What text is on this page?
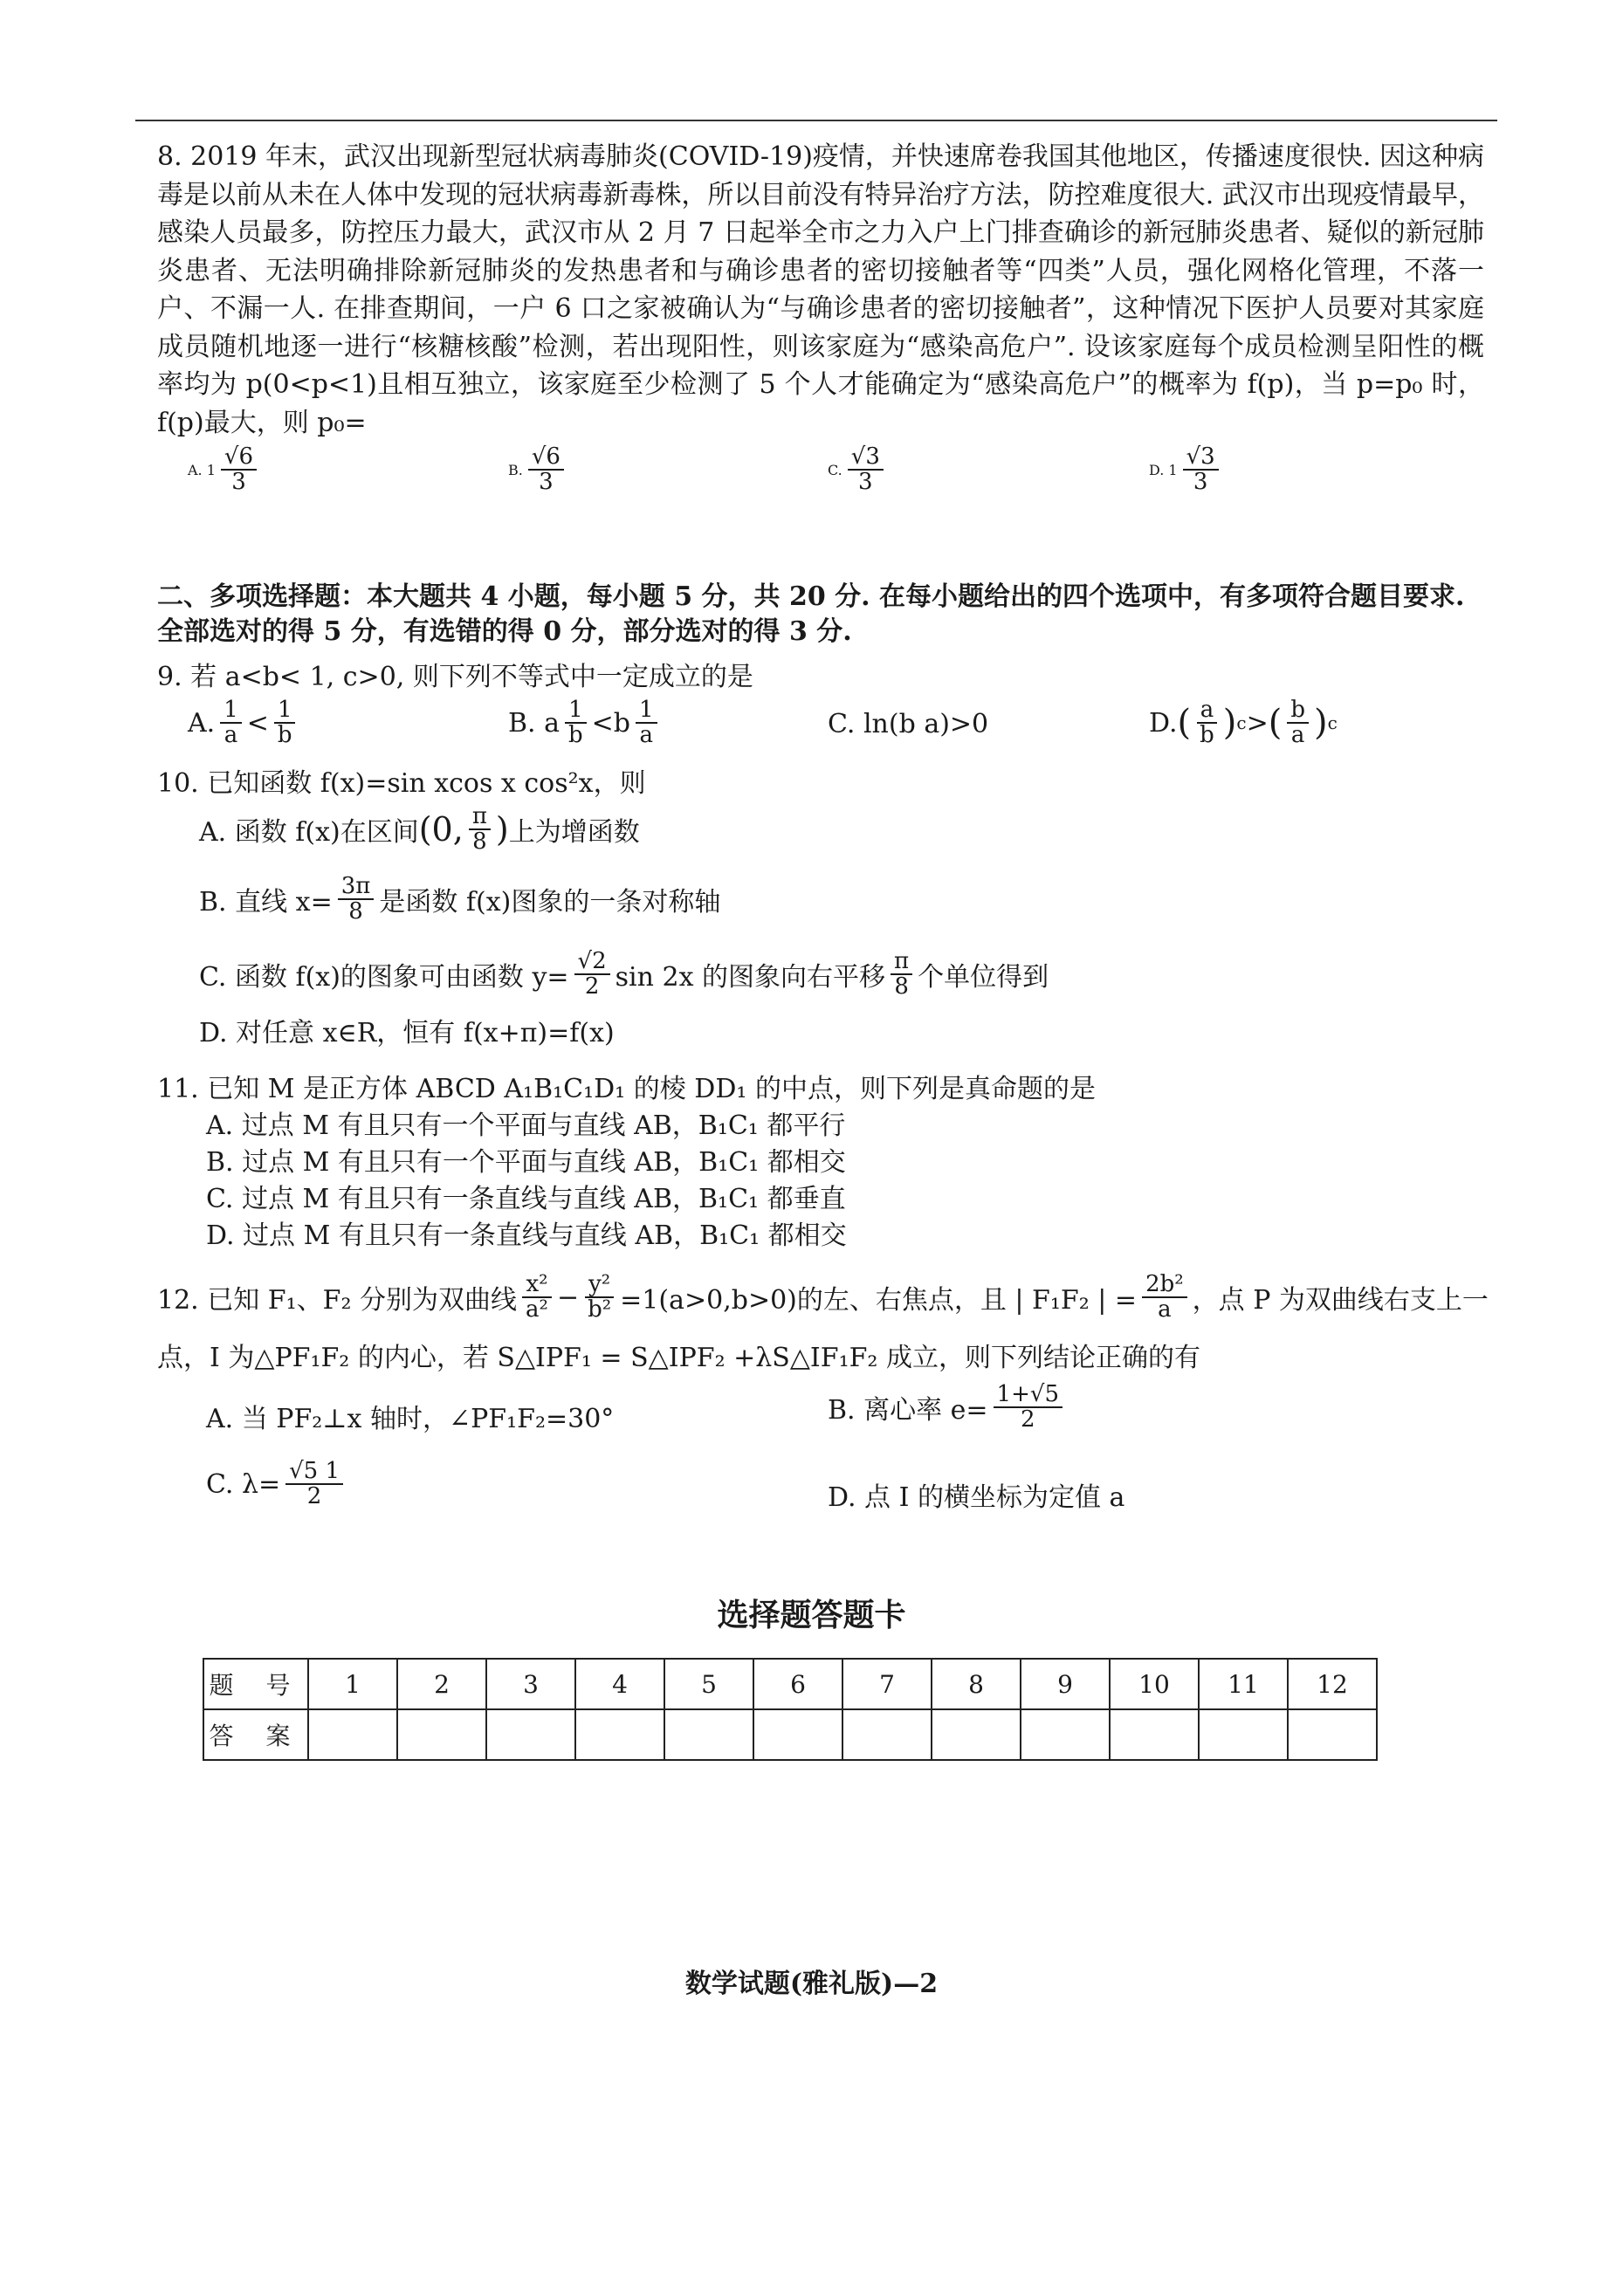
8. 2019 年末，武汉出现新型冠状病毒肺炎(COVID-19)疫情，并快速席卷我国其他地区，传播速度很快. 因这种病毒是以前从未在人体中发现的冠状病毒新毒株，所以目前没有特异治疗方法，防控难度很大. 武汉市出现疫情最早，感染人员最多，防控压力最大，武汉市从 2 月 7 日起举全市之力入户上门排查确诊的新冠肺炎患者、疑似的新冠肺炎患者、无法明确排除新冠肺炎的发热患者和与确诊患者的密切接触者等“四类”人员，强化网格化管理，不落一户、不漏一人. 在排查期间，一户 6 口之家被确认为“与确诊患者的密切接触者”，这种情况下医护人员要对其家庭成员随机地逐一进行“核糖核酸”检测，若出现阳性，则该家庭为“感染高危户”. 设该家庭每个成员检测呈阳性的概率均为 p(0<p<1)且相互独立，该家庭至少检测了 5 个人才能确定为“感染高危户”的概率为 f(p)，当 p=p₀ 时，f(p)最大，则 p₀=
A. $1 \frac{√6}{3}$	B. $\frac{√6}{3}$	C. $\frac{√3}{3}$	D. $1 \frac{√3}{3}$
二、多项选择题：本大题共 4 小题，每小题 5 分，共 20 分. 在每小题给出的四个选项中，有多项符合题目要求. 全部选对的得 5 分，有选错的得 0 分，部分选对的得 3 分.
9. 若 a<b< 1, c>0, 则下列不等式中一定成立的是
A. $\frac{1}{a} < \frac{1}{b}$	B. a $\frac{1}{b} <b \frac{1}{a}$	C. ln(b a)>0	D. ( $\frac{a}{b}$ ) c > ( $\frac{b}{a}$ ) c
10. 已知函数 f(x)=sin xcos x cos²x，则
A. 函数 f(x)在区间 (0, $\frac{\pi}{8}$ ) 上为增函数
B. 直线 $x= \frac{3\pi}{8}$ 是函数 f(x)图象的一条对称轴
C. 函数 f(x)的图象可由函数 $y= \frac{√2}{2}$ sin 2x 的图象向右平移 $\frac{\pi}{8}$ 个单位得到
D. 对任意 x∈R，恒有 f(x+π)=f(x)
11. 已知 M 是正方体 ABCD A₁B₁C₁D₁ 的棱 DD₁ 的中点，则下列是真命题的是
A. 过点 M 有且只有一个平面与直线 AB，B₁C₁ 都平行
B. 过点 M 有且只有一个平面与直线 AB，B₁C₁ 都相交
C. 过点 M 有且只有一条直线与直线 AB，B₁C₁ 都垂直
D. 过点 M 有且只有一条直线与直线 AB，B₁C₁ 都相交
12. 已知 F₁、F₂ 分别为双曲线 $\frac{\text{x²}}{\text{a²}} - \frac{\text{y²}}{\text{b²}} =1(a>0,b>0)$的左、右焦点，且 | F₁F₂ | = $\frac{\text{2b²}}{a}$ ，点 P 为双曲线右支上一
点，I 为△PF₁F₂ 的内心，若 S△IPF₁ = S△IPF₂ +λS△IF₁F₂ 成立，则下列结论正确的有
A. 当 PF₂⊥x 轴时，∠PF₁F₂=30°	B. 离心率 $e= \frac{1+√5}{2}$
C. $\lambda= \frac{√5 1}{2}$	D. 点 I 的横坐标为定值 a
选择题答题卡
题 号	1	2	3	4	5	6	7	8	9	10	11	12
答 案												
数学试题(雅礼版)—2
